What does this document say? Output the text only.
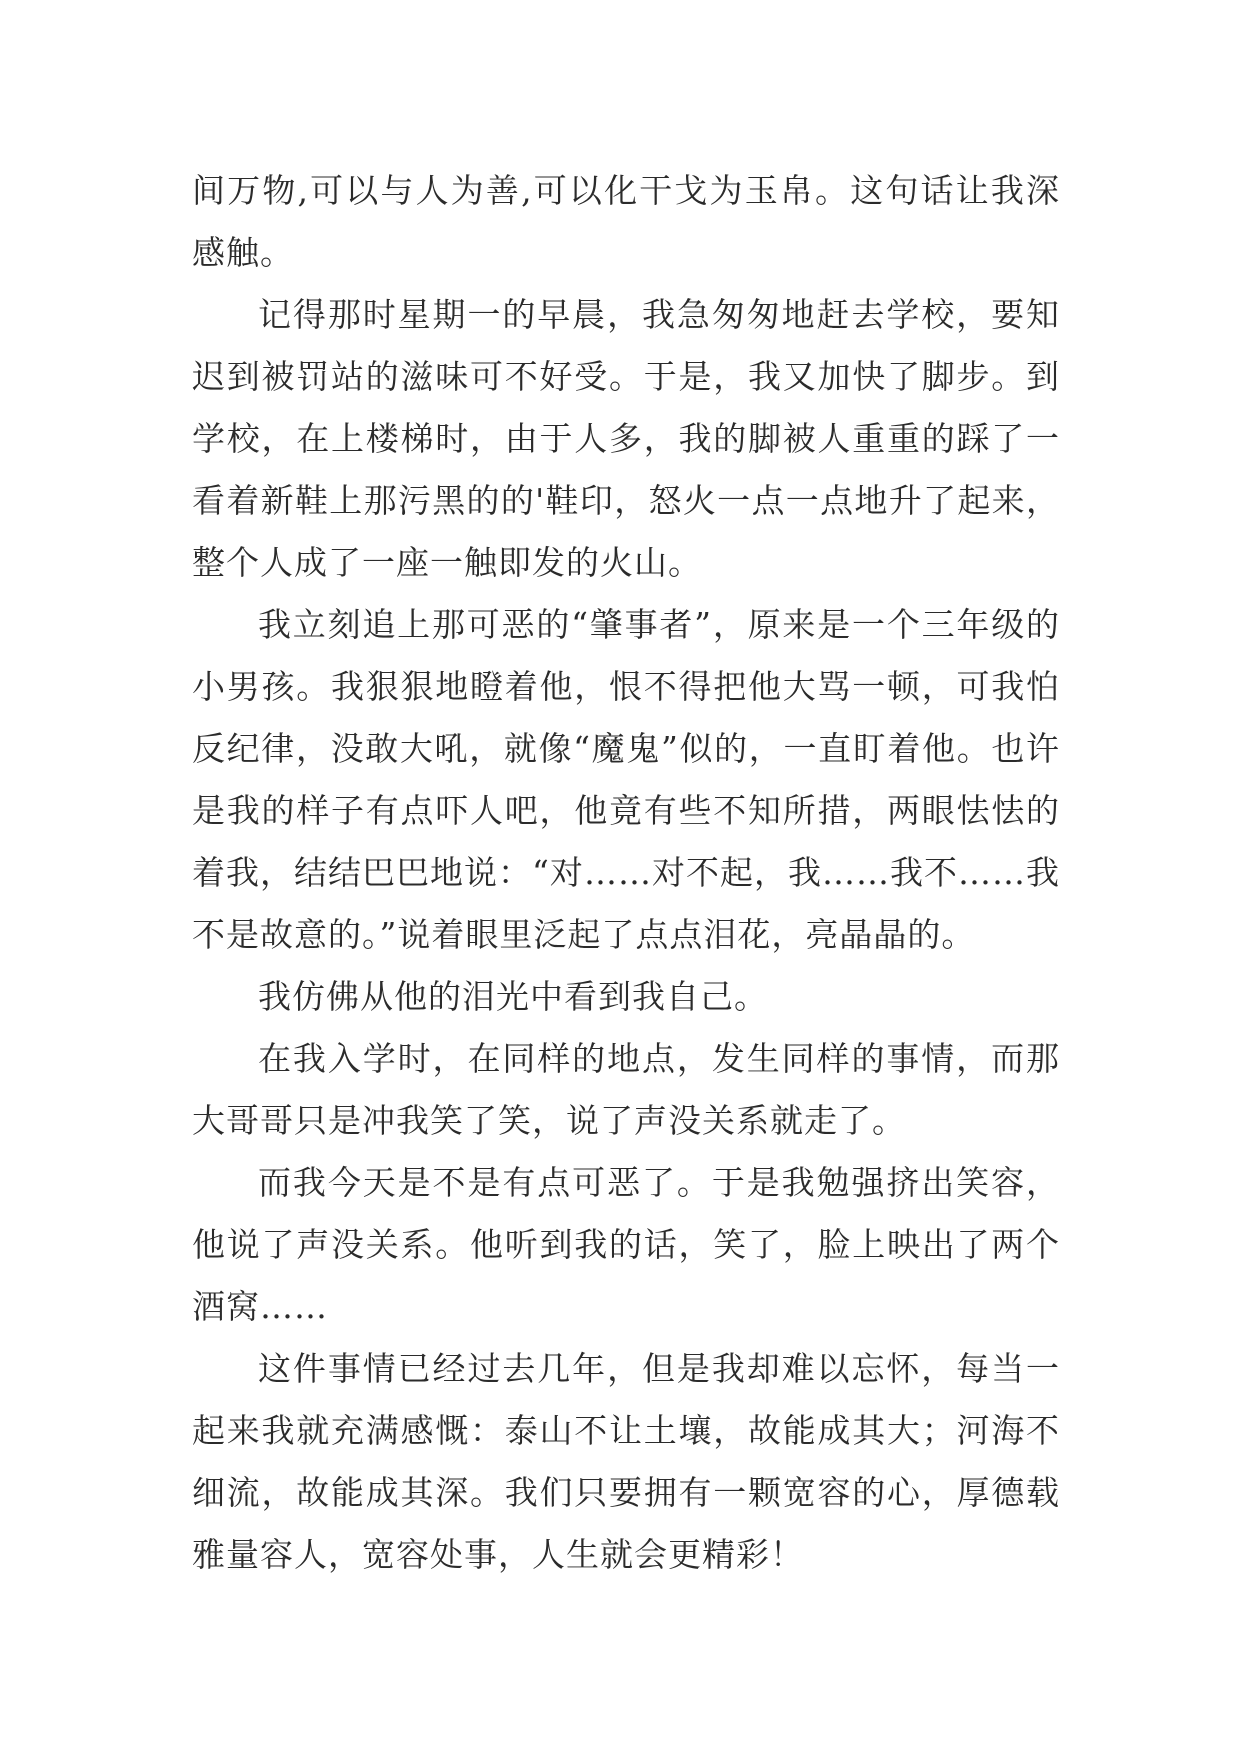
间万物,可以与人为善,可以化干戈为玉帛。这句话让我深
感触。
记得那时星期一的早晨，我急匆匆地赶去学校，要知
迟到被罚站的滋味可不好受。于是，我又加快了脚步。到
学校，在上楼梯时，由于人多，我的脚被人重重的踩了一
看着新鞋上那污黑的的'鞋印，怒火一点一点地升了起来，
整个人成了一座一触即发的火山。
我立刻追上那可恶的“肇事者”，原来是一个三年级的
小男孩。我狠狠地瞪着他，恨不得把他大骂一顿，可我怕
反纪律，没敢大吼，就像“魔鬼”似的，一直盯着他。也许
是我的样子有点吓人吧，他竟有些不知所措，两眼怯怯的
着我，结结巴巴地说：“对……对不起，我……我不……我
不是故意的。”说着眼里泛起了点点泪花，亮晶晶的。
我仿佛从他的泪光中看到我自己。
在我入学时，在同样的地点，发生同样的事情，而那
大哥哥只是冲我笑了笑，说了声没关系就走了。
而我今天是不是有点可恶了。于是我勉强挤出笑容，
他说了声没关系。他听到我的话，笑了，脸上映出了两个
酒窝……
这件事情已经过去几年，但是我却难以忘怀，每当一
起来我就充满感慨：泰山不让土壤，故能成其大；河海不
细流，故能成其深。我们只要拥有一颗宽容的心，厚德载
雅量容人，宽容处事，人生就会更精彩！
